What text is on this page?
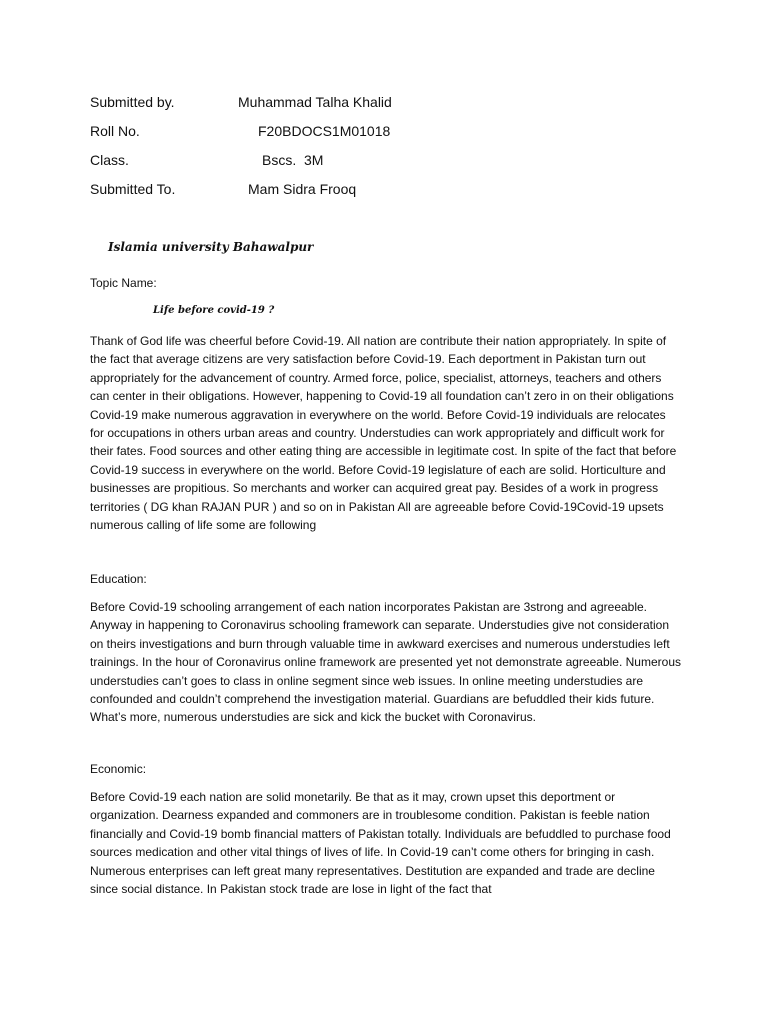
Submitted by.	Muhammad Talha Khalid
Roll No.	F20BDOCS1M01018
Class.	Bscs.  3M
Submitted To.	Mam Sidra Frooq
Islamia university Bahawalpur
Topic Name:
Life before covid-19 ?

Thank of God life was cheerful before Covid-19. All nation are contribute their nation appropriately. In spite of the fact that average citizens are very satisfaction before Covid-19. Each deportment in Pakistan turn out appropriately for the advancement of country. Armed force, police, specialist, attorneys, teachers and others can center in their obligations. However, happening to Covid-19 all foundation can’t zero in on their obligations Covid-19 make numerous aggravation in everywhere on the world. Before Covid-19 individuals are relocates for occupations in others urban areas and country. Understudies can work appropriately and difficult work for their fates. Food sources and other eating thing are accessible in legitimate cost. In spite of the fact that before Covid-19 success in everywhere on the world. Before Covid-19 legislature of each are solid. Horticulture and businesses are propitious. So merchants and worker can acquired great pay. Besides of a work in progress territories ( DG khan RAJAN PUR ) and so on in Pakistan All are agreeable before Covid-19Covid-19 upsets numerous calling of life some are following

Education:

Before Covid-19 schooling arrangement of each nation incorporates Pakistan are 3strong and agreeable. Anyway in happening to Coronavirus schooling framework can separate. Understudies give not consideration on theirs investigations and burn through valuable time in awkward exercises and numerous understudies left trainings. In the hour of Coronavirus online framework are presented yet not demonstrate agreeable. Numerous understudies can’t goes to class in online segment since web issues. In online meeting understudies are confounded and couldn’t comprehend the investigation material. Guardians are befuddled their kids future. What’s more, numerous understudies are sick and kick the bucket with Coronavirus.

Economic:

Before Covid-19 each nation are solid monetarily. Be that as it may, crown upset this deportment or organization. Dearness expanded and commoners are in troublesome condition. Pakistan is feeble nation financially and Covid-19 bomb financial matters of Pakistan totally. Individuals are befuddled to purchase food sources medication and other vital things of lives of life. In Covid-19 can’t come others for bringing in cash. Numerous enterprises can left great many representatives. Destitution are expanded and trade are decline since social distance. In Pakistan stock trade are lose in light of the fact that
